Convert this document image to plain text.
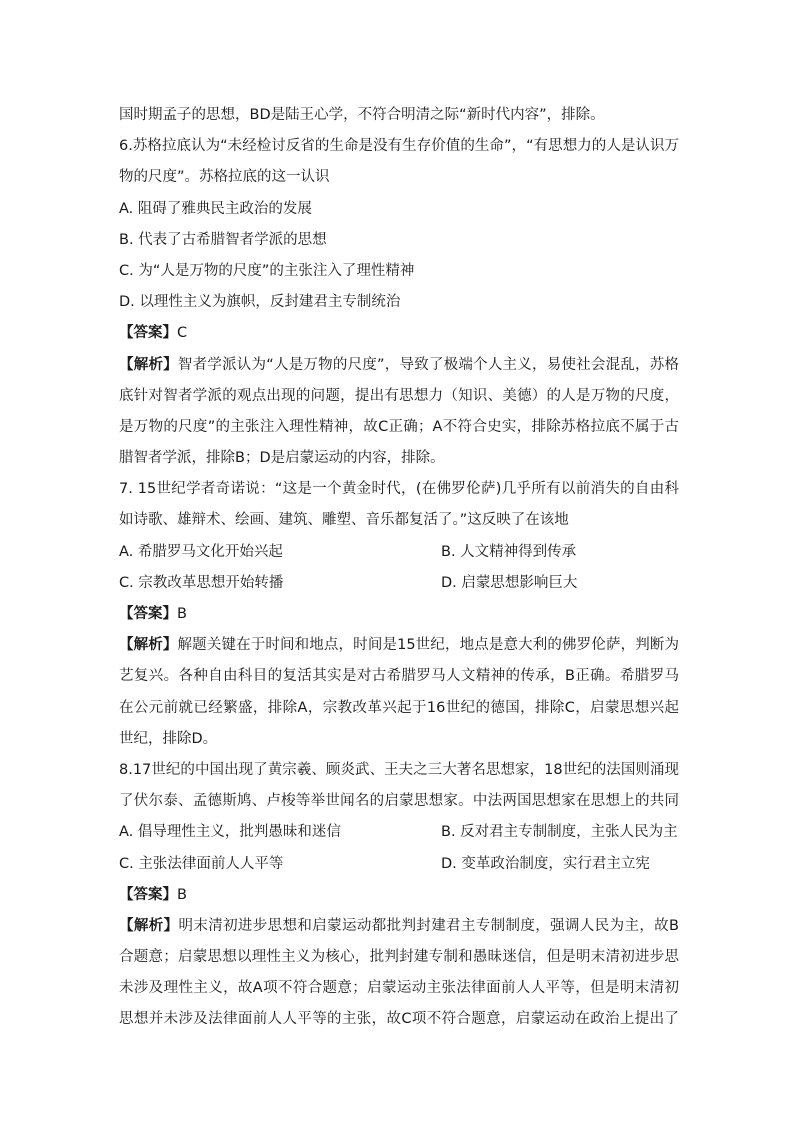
国时期孟子的思想，BD是陆王心学，不符合明清之际“新时代内容”，排除。
6.苏格拉底认为“未经检讨反省的生命是没有生存价值的生命”，“有思想力的人是认识万
物的尺度”。苏格拉底的这一认识
A. 阻碍了雅典民主政治的发展
B. 代表了古希腊智者学派的思想
C. 为“人是万物的尺度”的主张注入了理性精神
D. 以理性主义为旗帜，反封建君主专制统治
【答案】C
【解析】智者学派认为“人是万物的尺度”，导致了极端个人主义，易使社会混乱，苏格
底针对智者学派的观点出现的问题，提出有思想力（知识、美德）的人是万物的尺度，
是万物的尺度”的主张注入理性精神，故C正确；A不符合史实，排除苏格拉底不属于古
腊智者学派，排除B；D是启蒙运动的内容，排除。
7. 15世纪学者奇诺说：“这是一个黄金时代，(在佛罗伦萨)几乎所有以前消失的自由科
如诗歌、雄辩术、绘画、建筑、雕塑、音乐都复活了。”这反映了在该地
A. 希腊罗马文化开始兴起	B. 人文精神得到传承
C. 宗教改革思想开始转播	D. 启蒙思想影响巨大
【答案】B
【解析】解题关键在于时间和地点，时间是15世纪，地点是意大利的佛罗伦萨，判断为
艺复兴。各种自由科目的复活其实是对古希腊罗马人文精神的传承，B正确。希腊罗马
在公元前就已经繁盛，排除A，宗教改革兴起于16世纪的德国，排除C，启蒙思想兴起
世纪，排除D。
8.17世纪的中国出现了黄宗羲、顾炎武、王夫之三大著名思想家，18世纪的法国则涌现
了伏尔泰、孟德斯鸠、卢梭等举世闻名的启蒙思想家。中法两国思想家在思想上的共同
A. 倡导理性主义，批判愚昧和迷信	B. 反对君主专制制度，主张人民为主
C. 主张法律面前人人平等	D. 变革政治制度，实行君主立宪
【答案】B
【解析】明末清初进步思想和启蒙运动都批判封建君主专制制度，强调人民为主，故B
合题意；启蒙思想以理性主义为核心，批判封建专制和愚昧迷信，但是明末清初进步思
未涉及理性主义，故A项不符合题意；启蒙运动主张法律面前人人平等，但是明末清初
思想并未涉及法律面前人人平等的主张，故C项不符合题意，启蒙运动在政治上提出了
